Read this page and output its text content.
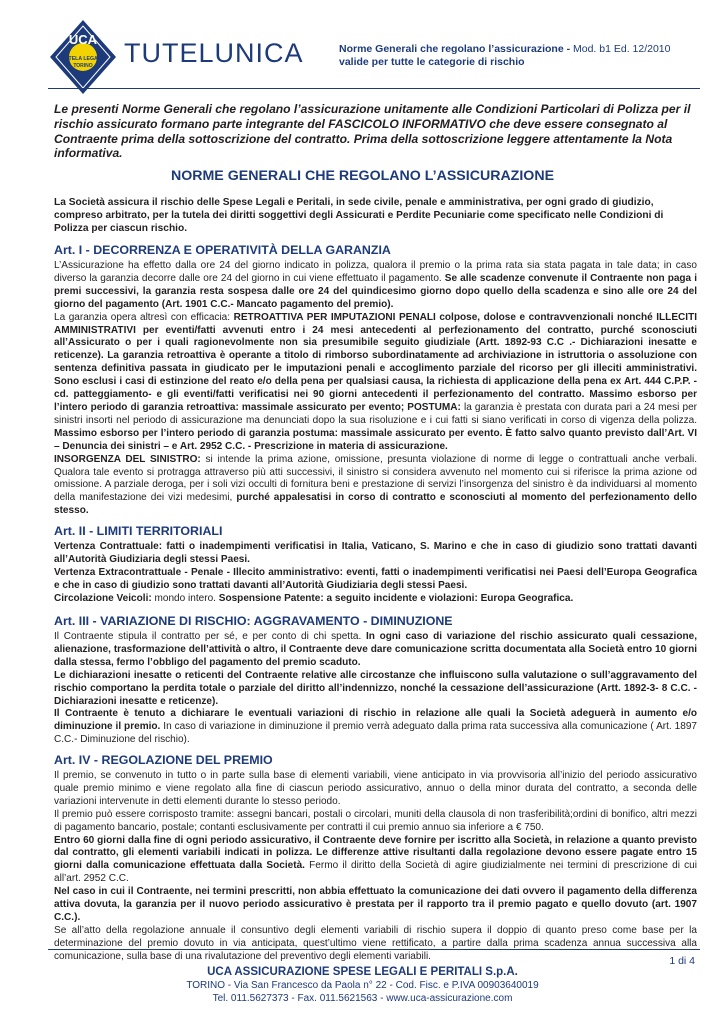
UCA
TUTELA LEGALE
TORINO TUTELUNICA	Norme Generali che regolano l’assicurazione - Mod. b1 Ed. 12/2010
valide per tutte le categorie di rischio
Le presenti Norme Generali che regolano l’assicurazione unitamente alle Condizioni Particolari di Polizza per il rischio assicurato formano parte integrante del FASCICOLO INFORMATIVO che deve essere consegnato al Contraente prima della sottoscrizione del contratto. Prima della sottoscrizione leggere attentamente la Nota informativa.
NORME GENERALI CHE REGOLANO L’ASSICURAZIONE
La Società assicura il rischio delle Spese Legali e Peritali, in sede civile, penale e amministrativa, per ogni grado di giudizio, compreso arbitrato, per la tutela dei diritti soggettivi degli Assicurati e Perdite Pecuniarie come specificato nelle Condizioni di Polizza per ciascun rischio.
Art. I - DECORRENZA E OPERATIVITÀ DELLA GARANZIA

L’Assicurazione ha effetto dalla ore 24 del giorno indicato in polizza, qualora il premio o la prima rata sia stata pagata in tale data; in caso diverso la garanzia decorre dalle ore 24 del giorno in cui viene effettuato il pagamento. Se alle scadenze convenute il Contraente non paga i premi successivi, la garanzia resta sospesa dalle ore 24 del quindicesimo giorno dopo quello della scadenza e sino alle ore 24 del giorno del pagamento (Art. 1901 C.C.- Mancato pagamento del premio).
La garanzia opera altresì con efficacia: RETROATTIVA PER IMPUTAZIONI PENALI colpose, dolose e contravvenzionali nonché ILLECITI AMMINISTRATIVI per eventi/fatti avvenuti entro i 24 mesi antecedenti al perfezionamento del contratto, purché sconosciuti all’Assicurato o per i quali ragionevolmente non sia presumibile seguito giudiziale (Artt. 1892-93 C.C .- Dichiarazioni inesatte e reticenze). La garanzia retroattiva è operante a titolo di rimborso subordinatamente ad archiviazione in istruttoria o assoluzione con sentenza definitiva passata in giudicato per le imputazioni penali e accoglimento parziale del ricorso per gli illeciti amministrativi. Sono esclusi i casi di estinzione del reato e/o della pena per qualsiasi causa, la richiesta di applicazione della pena ex Art. 444 C.P.P. -cd. patteggiamento- e gli eventi/fatti verificatisi nei 90 giorni antecedenti il perfezionamento del contratto. Massimo esborso per l’intero periodo di garanzia retroattiva: massimale assicurato per evento; POSTUMA: la garanzia è prestata con durata pari a 24 mesi per sinistri insorti nel periodo di assicurazione ma denunciati dopo la sua risoluzione e i cui fatti si siano verificati in corso di vigenza della polizza. Massimo esborso per l’intero periodo di garanzia postuma: massimale assicurato per evento. È fatto salvo quanto previsto dall’Art. VI – Denuncia dei sinistri – e Art. 2952 C.C. - Prescrizione in materia di assicurazione.
INSORGENZA DEL SINISTRO: si intende la prima azione, omissione, presunta violazione di norme di legge o contrattuali anche verbali. Qualora tale evento si protragga attraverso più atti successivi, il sinistro si considera avvenuto nel momento cui si riferisce la prima azione od omissione. A parziale deroga, per i soli vizi occulti di fornitura beni e prestazione di servizi l’insorgenza del sinistro è da individuarsi al momento della manifestazione dei vizi medesimi, purché appalesatisi in corso di contratto e sconosciuti al momento del perfezionamento dello stesso.

Art. II - LIMITI TERRITORIALI

Vertenza Contrattuale: fatti o inadempimenti verificatisi in Italia, Vaticano, S. Marino e che in caso di giudizio sono trattati davanti all’Autorità Giudiziaria degli stessi Paesi.
Vertenza Extracontrattuale - Penale - Illecito amministrativo: eventi, fatti o inadempimenti verificatisi nei Paesi dell’Europa Geografica e che in caso di giudizio sono trattati davanti all’Autorità Giudiziaria degli stessi Paesi.
Circolazione Veicoli: mondo intero. Sospensione Patente: a seguito incidente e violazioni: Europa Geografica.

Art. III - VARIAZIONE DI RISCHIO: AGGRAVAMENTO - DIMINUZIONE

Il Contraente stipula il contratto per sé, e per conto di chi spetta. In ogni caso di variazione del rischio assicurato quali cessazione, alienazione, trasformazione dell’attività o altro, il Contraente deve dare comunicazione scritta documentata alla Società entro 10 giorni dalla stessa, fermo l’obbligo del pagamento del premio scaduto.
Le dichiarazioni inesatte o reticenti del Contraente relative alle circostanze che influiscono sulla valutazione o sull’aggravamento del rischio comportano la perdita totale o parziale del diritto all’indennizzo, nonché la cessazione dell’assicurazione (Artt. 1892-3- 8 C.C. - Dichiarazioni inesatte e reticenze).
Il Contraente è tenuto a dichiarare le eventuali variazioni di rischio in relazione alle quali la Società adeguerà in aumento e/o diminuzione il premio. In caso di variazione in diminuzione il premio verrà adeguato dalla prima rata successiva alla comunicazione ( Art. 1897 C.C.- Diminuzione del rischio).

Art. IV - REGOLAZIONE DEL PREMIO

Il premio, se convenuto in tutto o in parte sulla base di elementi variabili, viene anticipato in via provvisoria all’inizio del periodo assicurativo quale premio minimo e viene regolato alla fine di ciascun periodo assicurativo, annuo o della minor durata del contratto, a seconda delle variazioni intervenute in detti elementi durante lo stesso periodo.
Il premio può essere corrisposto tramite: assegni bancari, postali o circolari, muniti della clausola di non trasferibilità;ordini di bonifico, altri mezzi di pagamento bancario, postale; contanti esclusivamente per contratti il cui premio annuo sia inferiore a € 750.
Entro 60 giorni dalla fine di ogni periodo assicurativo, il Contraente deve fornire per iscritto alla Società, in relazione a quanto previsto dal contratto, gli elementi variabili indicati in polizza. Le differenze attive risultanti dalla regolazione devono essere pagate entro 15 giorni dalla comunicazione effettuata dalla Società. Fermo il diritto della Società di agire giudizialmente nei termini di prescrizione di cui all’art. 2952 C.C.
Nel caso in cui il Contraente, nei termini prescritti, non abbia effettuato la comunicazione dei dati ovvero il pagamento della differenza attiva dovuta, la garanzia per il nuovo periodo assicurativo è prestata per il rapporto tra il premio pagato e quello dovuto (art. 1907 C.C.).
Se all’atto della regolazione annuale il consuntivo degli elementi variabili di rischio supera il doppio di quanto preso come base per la determinazione del premio dovuto in via anticipata, quest’ultimo viene rettificato, a partire dalla prima scadenza annua successiva alla comunicazione, sulla base di una rivalutazione del preventivo degli elementi variabili.	1 di 4
UCA ASSICURAZIONE SPESE LEGALI E PERITALI S.p.A.
TORINO - Via San Francesco da Paola n° 22 - Cod. Fisc. e P.IVA 00903640019
Tel. 011.5627373 - Fax. 011.5621563 - www.uca-assicurazione.com
